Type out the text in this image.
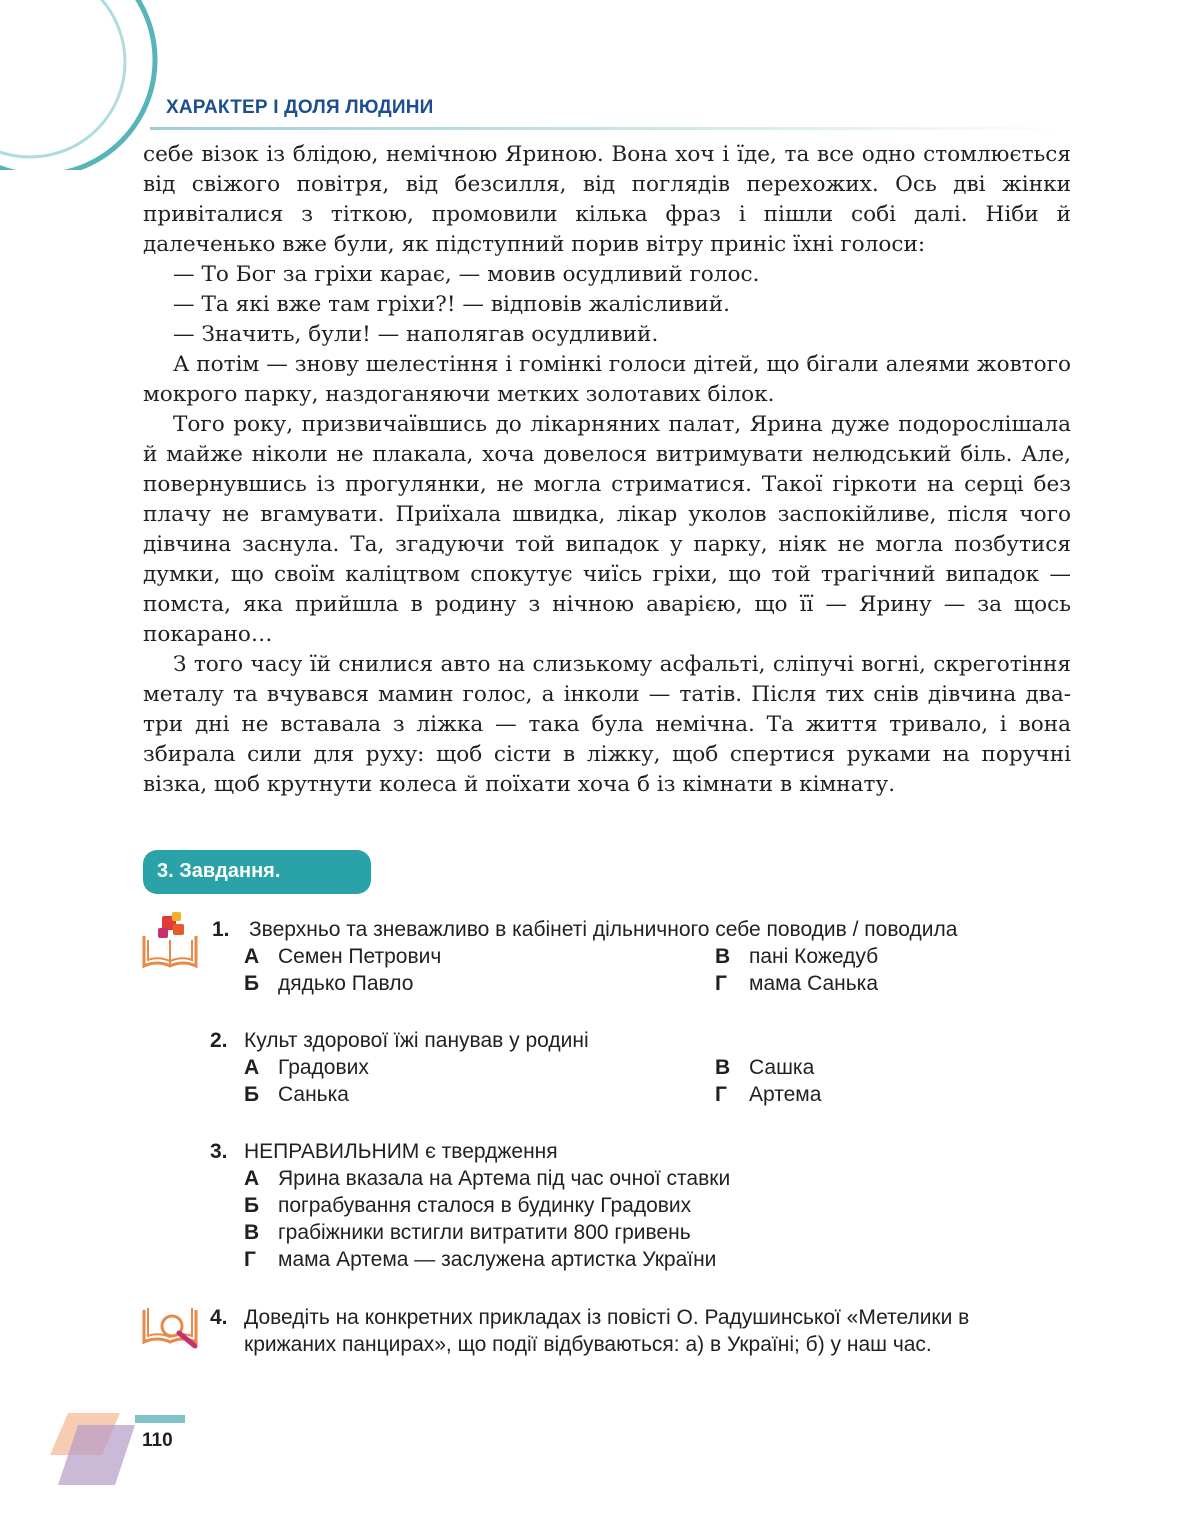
ХАРАКТЕР І ДОЛЯ ЛЮДИНИ

себе візок із блідою, немічною Яриною. Вона хоч і їде, та все одно стомлюється від свіжого повітря, від безсилля, від поглядів перехожих. Ось дві жінки привіталися з тіткою, промовили кілька фраз і пішли собі далі. Ніби й далеченько вже були, як підступний порив вітру приніс їхні голоси:

— То Бог за гріхи карає, — мовив осудливий голос.

— Та які вже там гріхи?! — відповів жалісливий.

— Значить, були! — наполягав осудливий.

А потім — знову шелестіння і гомінкі голоси дітей, що бігали алеями жовтого мокрого парку, наздоганяючи метких золотавих білок.

Того року, призвичаївшись до лікарняних палат, Ярина дуже подорослішала й майже ніколи не плакала, хоча довелося витримувати нелюдський біль. Але, повернувшись із прогулянки, не могла стриматися. Такої гіркоти на серці без плачу не вгамувати. Приїхала швидка, лікар уколов заспокійливе, після чого дівчина заснула. Та, згадуючи той випадок у парку, ніяк не могла позбутися думки, що своїм каліцтвом спокутує чиїсь гріхи, що той трагічний випадок — помста, яка прийшла в родину з нічною аварією, що її — Ярину — за щось покарано…

З того часу їй снилися авто на слизькому асфальті, сліпучі вогні, скреготіння металу та вчувався мамин голос, а інколи — татів. Після тих снів дівчина два-три дні не вставала з ліжка — така була немічна. Та життя тривало, і вона збирала сили для руху: щоб сісти в ліжку, щоб спертися руками на поручні візка, щоб крутнути колеса й поїхати хоча б із кімнати в кімнату.

3. Завдання.
1. Зверхньо та зневажливо в кабінеті дільничного себе поводив / поводила
А Семен Петрович
Б дядько Павло
В пані Кожедуб
Г мама Санька
2. Культ здорової їжі панував у родині
А Градових
Б Санька
В Сашка
Г Артема
3. НЕПРАВИЛЬНИМ є твердження
А Ярина вказала на Артема під час очної ставки
Б пограбування сталося в будинку Градових
В грабіжники встигли витратити 800 гривень
Г мама Артема — заслужена артистка України
4. Доведіть на конкретних прикладах із повісті О. Радушинської «Метелики в
крижаних панцирах», що події відбуваються: а) в Україні; б) у наш час.
110
